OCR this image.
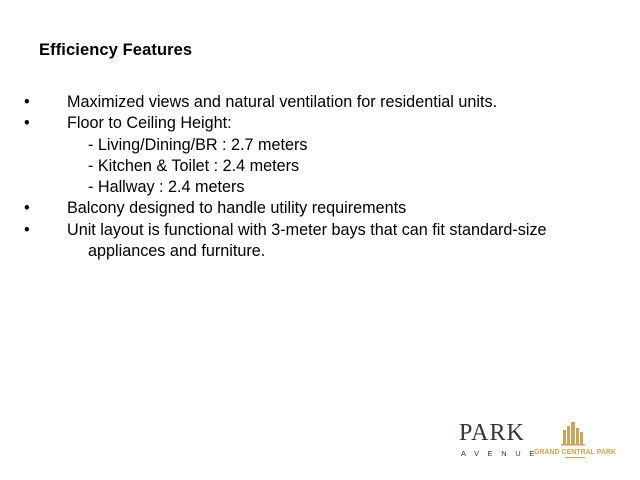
Efficiency Features
• Maximized views and natural ventilation for residential units.
• Floor to Ceiling Height:
- Living/Dining/BR : 2.7 meters
- Kitchen & Toilet : 2.4 meters
- Hallway : 2.4 meters
• Balcony designed to handle utility requirements
• Unit layout is functional with 3-meter bays that can fit standard-size
appliances and furniture.
PARK
AVENUE
GRAND CENTRAL PARK
